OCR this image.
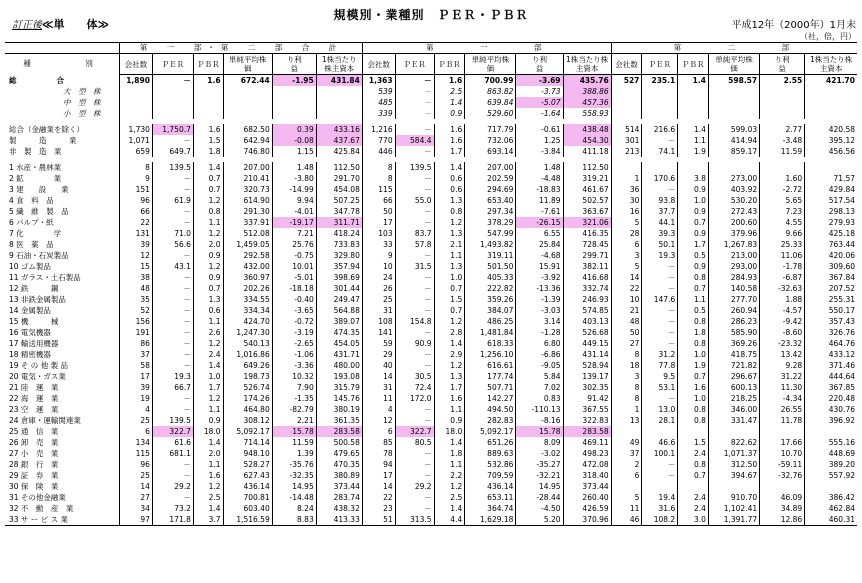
規模別・業種別　ＰＥＲ・ＰＢＲ
訂正後≪単　　体≫	平成12年（2000年）1月末
（社，倍，円）
	第　一　部・第　二　部　合　計						第　　　一　　　部						第　　　二　　　部					
種　　　別	会社数	ＰＥＲ	ＰＢＲ	単純平均株　　価	り利　　　益	1株当たり株主資本	会社数	ＰＥＲ	ＰＢＲ	単純平均株　　価	り利　　　益	1株当たり株主資本	会社数	ＰＥＲ	ＰＢＲ	単純平均株　　価	り利　　　益	1株当たり株主資本
総　　　　合	1,890	－	1.6	672.44	-1.95	431.84	1,363	－	1.6	700.99	-3.69	435.76	527	235.1	1.4	598.57	2.55	421.70
大　型　株							539	－	2.5	863.82	-3.73	388.86						
中　型　株							485	－	1.4	639.84	-5.07	457.36						
小　型　株							339	－	0.9	529.60	-1.64	558.93						

総合（金融業を除く）	1,730	1,750.7	1.6	682.50	0.39	433.16	1,216	－	1.6	717.79	-0.61	438.48	514	216.6	1.4	599.03	2.77	420.58
製　　　造　　　業	1,071	－	1.5	642.94	-0.08	437.67	770	584.4	1.6	732.06	1.25	454.30	301	－	1.1	414.94	-3.48	395.12
非　製　造　業	659	649.7	1.8	746.80	1.15	425.84	446	－	1.7	693.14	-3.84	411.18	213	74.1	1.9	859.17	11.59	456.56

1 水産・農林業	8	139.5	1.4	207.00	1.48	112.50	8	139.5	1.4	207.00	1.48	112.50						
2 鉱　　　　業	9	－	0.7	210.41	-3.80	291.70	8	－	0.6	202.59	-4.48	319.21	1	170.6	3.8	273.00	1.60	71.57
3 建　　設　　業	151	－	0.7	320.73	-14.99	454.08	115	－	0.6	294.69	-18.83	461.67	36	－	0.9	403.92	-2.72	429.84
4 食　料　品	96	61.9	1.2	614.90	9.94	507.25	66	55.0	1.3	653.40	11.89	502.57	30	93.8	1.0	530.20	5.65	517.54
5 繊　維　製　品	66	－	0.8	291.30	-4.01	347.78	50	－	0.8	297.34	-7.61	363.67	16	37.7	0.9	272.43	7.23	298.13
6 パルプ・紙	22	－	1.1	337.91	-19.17	311.71	17	－	1.2	378.29	-26.15	321.06	5	44.1	0.7	200.60	4.55	279.93
7 化　　　　学	131	71.0	1.2	512.08	7.21	418.24	103	83.7	1.3	547.99	6.55	416.35	28	39.3	0.9	379.96	9.66	425.18
8 医　薬　品	39	56.6	2.0	1,459.05	25.76	733.83	33	57.8	2.1	1,493.82	25.84	728.45	6	50.1	1.7	1,267.83	25.33	763.44
9 石油・石炭製品	12	－	0.9	292.58	-0.75	329.80	9	－	1.1	319.11	-4.68	299.71	3	19.3	0.5	213.00	11.06	420.06
10 ゴム製品	15	43.1	1.2	432.00	10.01	357.94	10	31.5	1.3	501.50	15.91	382.11	5	－	0.9	293.00	-1.78	309.60
11 ガラス・土石製品	38	－	0.9	360.97	-5.01	398.69	24	－	1.0	405.33	-3.92	416.68	14	－	0.8	284.93	-6.87	367.84
12 鉄　　　鋼	48	－	0.7	202.26	-18.18	301.44	26	－	0.7	222.82	-13.36	332.74	22	－	0.7	140.58	-32.63	207.52
13 非鉄金属製品	35	－	1.3	334.55	-0.40	249.47	25	－	1.5	359.26	-1.39	246.93	10	147.6	1.1	277.70	1.88	255.31
14 金属製品	52	－	0.6	334.34	-3.65	564.88	31	－	0.7	384.07	-3.03	574.85	21	－	0.5	260.94	-4.57	550.17
15 機　　　械	156	－	1.1	424.70	-0.72	389.07	108	154.8	1.2	486.25	3.14	403.13	48	－	0.8	286.23	-9.42	357.43
16 電気機器	191	－	2.6	1,247.30	-3.19	474.35	141	－	2.8	1,481.84	-1.28	526.68	50	－	1.8	585.90	-8.60	326.76
17 輸送用機器	86	－	1.2	540.13	-2.65	454.05	59	90.9	1.4	618.33	6.80	449.15	27	－	0.8	369.26	-23.32	464.76
18 精密機器	37	－	2.4	1,016.86	-1.06	431.71	29	－	2.9	1,256.10	-6.86	431.14	8	31.2	1.0	418.75	13.42	433.12
19 そ の 他 製 品	58	－	1.4	649.26	-3.36	480.00	40	－	1.2	616.61	-9.05	528.94	18	77.8	1.9	721.82	9.28	371.46
20 電気・ガス業	17	19.3	1.0	198.73	10.32	193.08	14	30.5	1.3	177.74	5.84	139.17	3	9.5	0.7	296.67	31.22	444.64
21 陸　運　業	39	66.7	1.7	526.74	7.90	315.79	31	72.4	1.7	507.71	7.02	302.35	8	53.1	1.6	600.13	11.30	367.85
22 海　運　業	19	－	1.2	174.26	-1.35	145.76	11	172.0	1.6	142.27	0.83	91.42	8	－	1.0	218.25	-4.34	220.48
23 空　運　業	4	－	1.1	464.80	-82.79	380.19	4	－	1.1	494.50	-110.13	367.55	1	13.0	0.8	346.00	26.55	430.76
24 倉庫・運輸関連業	25	139.5	0.9	308.12	2.21	361.35	12	－	0.9	282.83	-8.16	322.83	13	28.1	0.8	331.47	11.78	396.92
25 通　信　業	6	322.7	18.0	5,092.17	15.78	283.58	6	322.7	18.0	5,092.17	15.78	283.58						
26 卸　売　業	134	61.6	1.4	714.14	11.59	500.58	85	80.5	1.4	651.26	8.09	469.11	49	46.6	1.5	822.62	17.66	555.16
27 小　売　業	115	681.1	2.0	948.10	1.39	479.65	78	－	1.8	889.63	-3.02	498.23	37	100.1	2.4	1,071.37	10.70	448.69
28 銀　行　業	96	－	1.1	528.27	-35.76	470.35	94	－	1.1	532.86	-35.27	472.08	2	－	0.8	312.50	-59.11	389.20
29 証　券　業	25	－	1.6	627.43	-32.35	380.89	17	－	2.2	709.59	-32.21	318.40	6	－	0.7	394.67	-32.76	557.92
30 保　険　業	14	29.2	1.2	436.14	14.95	373.44	14	29.2	1.2	436.14	14.95	373.44						
31 その他金融業	27	－	2.5	700.81	-14.48	283.74	22	－	2.5	653.11	-28.44	260.40	5	19.4	2.4	910.70	46.09	386.42
32 不　動　産　業	34	73.2	1.4	603.40	8.24	438.32	23	－	1.4	364.74	-4.50	426.59	11	31.6	2.4	1,102.41	34.89	462.84
33 サ ー ビ ス 業	97	171.8	3.7	1,516.59	8.83	413.33	51	313.5	4.4	1,629.18	5.20	370.96	46	108.2	3.0	1,391.77	12.86	460.31
